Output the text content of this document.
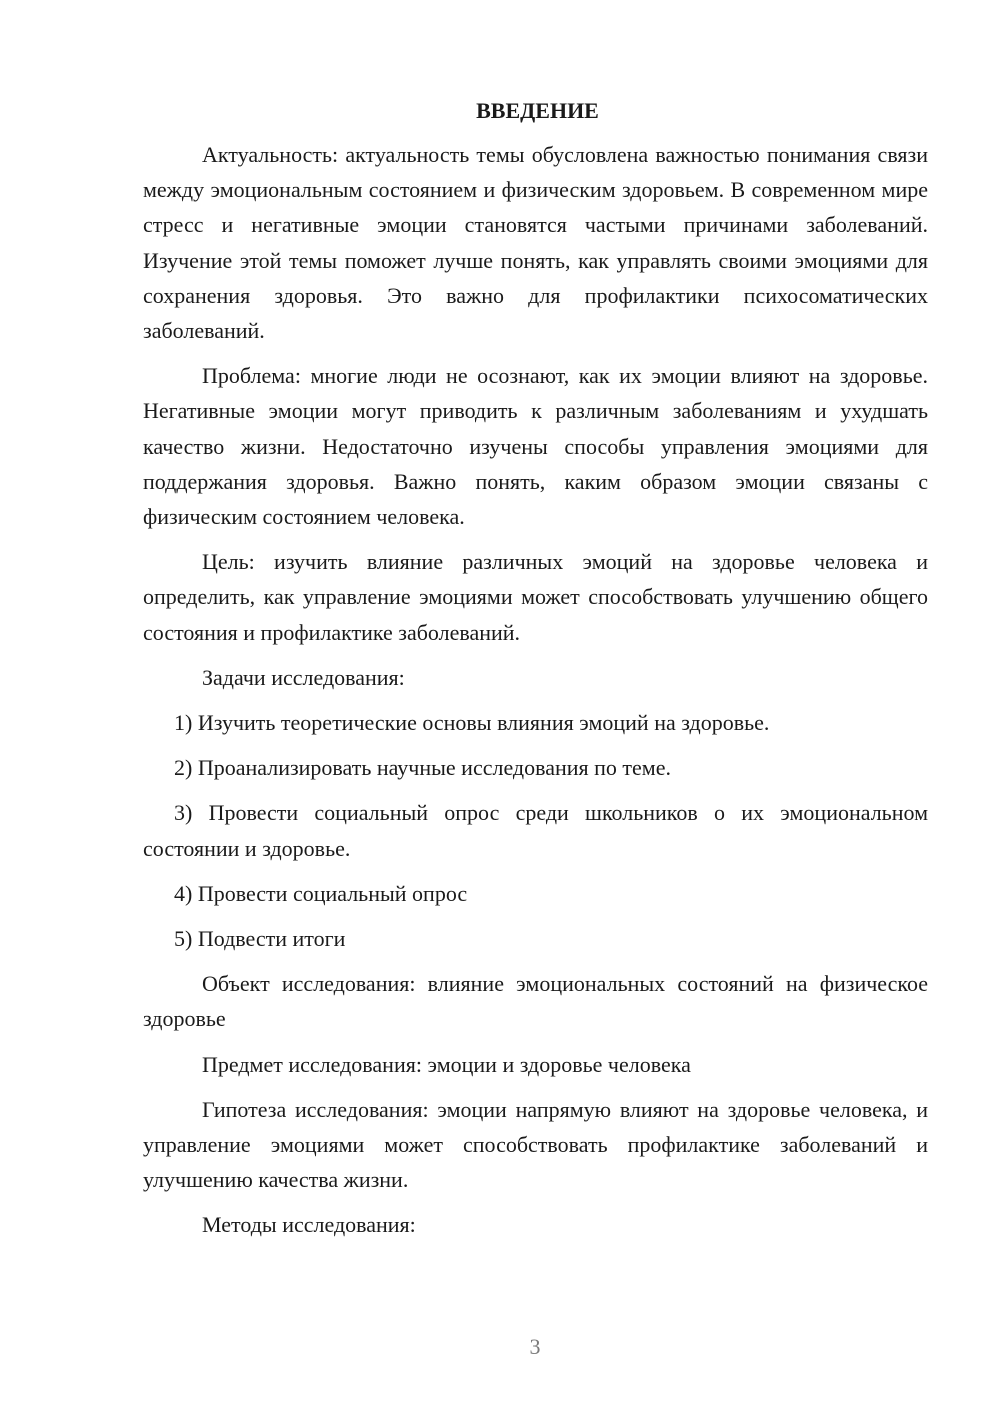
ВВЕДЕНИЕ

Актуальность: актуальность темы обусловлена важностью понимания связи между эмоциональным состоянием и физическим здоровьем. В современном мире стресс и негативные эмоции становятся частыми причинами заболеваний. Изучение этой темы поможет лучше понять, как управлять своими эмоциями для сохранения здоровья. Это важно для профилактики психосоматических заболеваний.

Проблема: многие люди не осознают, как их эмоции влияют на здоровье. Негативные эмоции могут приводить к различным заболеваниям и ухудшать качество жизни. Недостаточно изучены способы управления эмоциями для поддержания здоровья. Важно понять, каким образом эмоции связаны с физическим состоянием человека.

Цель: изучить влияние различных эмоций на здоровье человека и определить, как управление эмоциями может способствовать улучшению общего состояния и профилактике заболеваний.

Задачи исследования:

1) Изучить теоретические основы влияния эмоций на здоровье.

2) Проанализировать научные исследования по теме.

3) Провести социальный опрос среди школьников о их эмоциональном состоянии и здоровье.

4) Провести социальный опрос

5) Подвести итоги

Объект исследования: влияние эмоциональных состояний на физическое здоровье

Предмет исследования: эмоции и здоровье человека

Гипотеза исследования: эмоции напрямую влияют на здоровье человека, и управление эмоциями может способствовать профилактике заболеваний и улучшению качества жизни.

Методы исследования:

3
